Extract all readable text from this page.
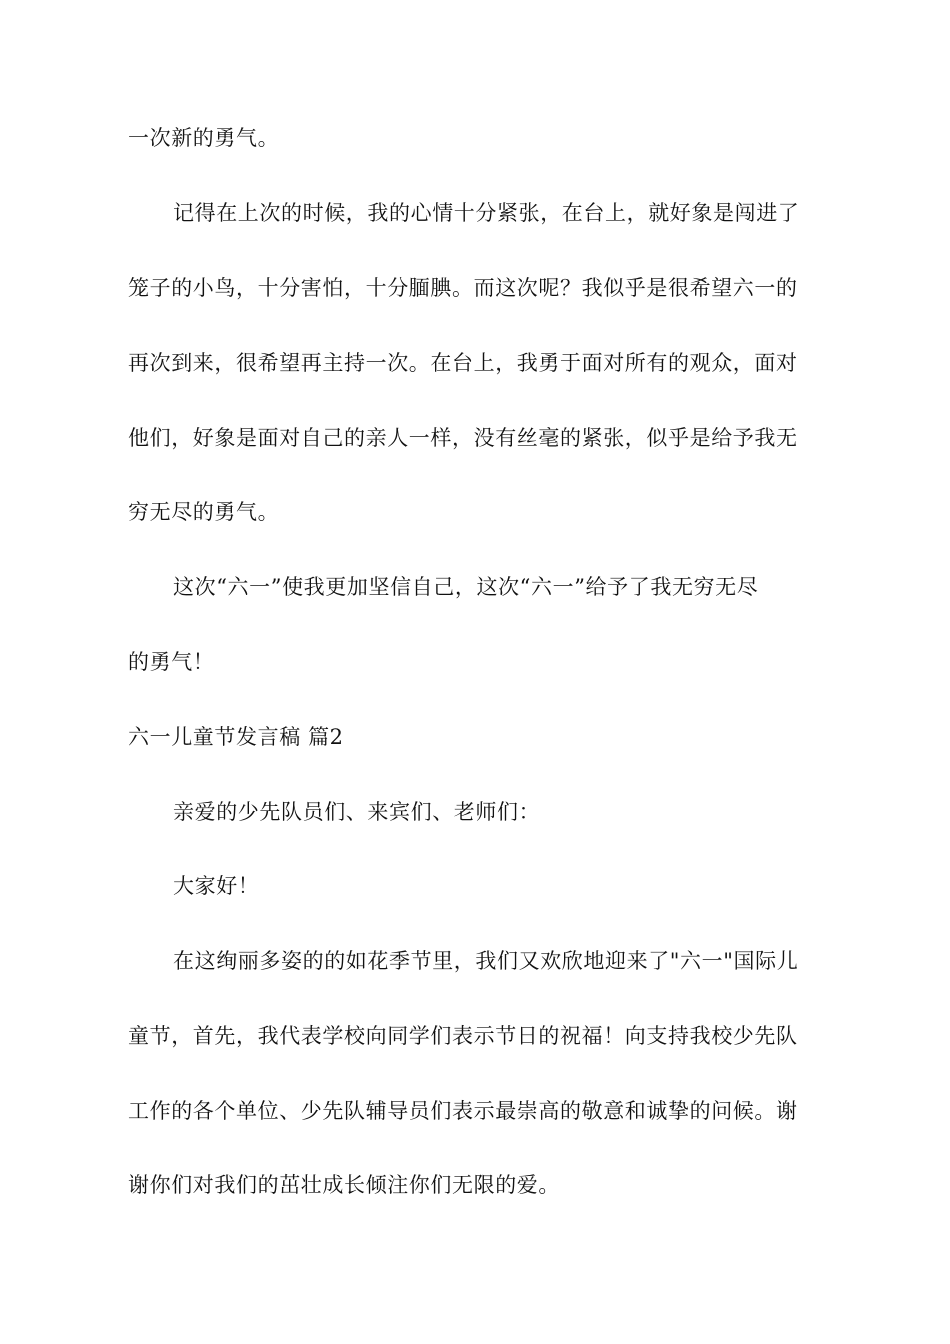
一次新的勇气。
记得在上次的时候，我的心情十分紧张，在台上，就好象是闯进了
笼子的小鸟，十分害怕，十分腼腆。而这次呢？我似乎是很希望六一的
再次到来，很希望再主持一次。在台上，我勇于面对所有的观众，面对
他们，好象是面对自己的亲人一样，没有丝毫的紧张，似乎是给予我无
穷无尽的勇气。
这次“六一”使我更加坚信自己，这次“六一”给予了我无穷无尽
的勇气！
六一儿童节发言稿 篇2
亲爱的少先队员们、来宾们、老师们：
大家好！
在这绚丽多姿的的如花季节里，我们又欢欣地迎来了"六一"国际儿
童节，首先，我代表学校向同学们表示节日的祝福！向支持我校少先队
工作的各个单位、少先队辅导员们表示最崇高的敬意和诚挚的问候。谢
谢你们对我们的茁壮成长倾注你们无限的爱。
